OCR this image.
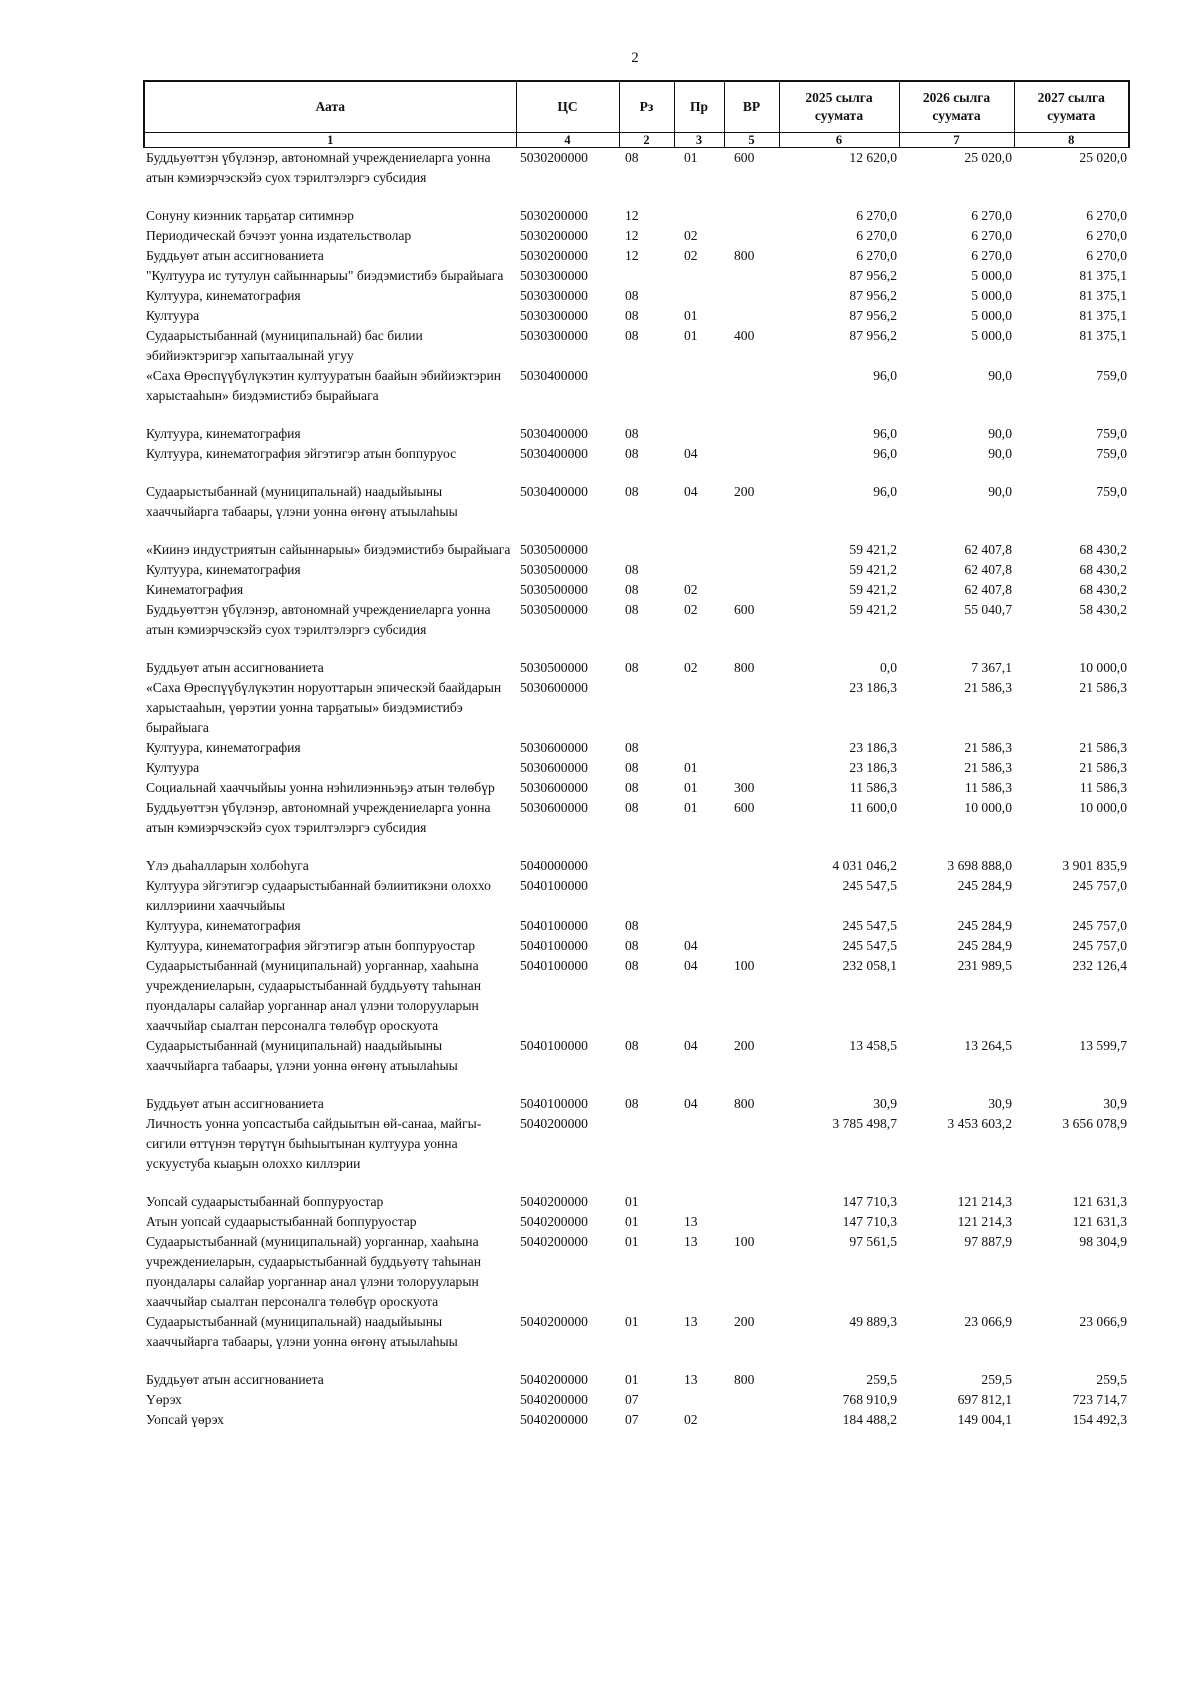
2
Аата	ЦС	Рз	Пр	ВР	2025 сылга суумата	2026 сылга суумата	2027 сылга суумата
1	4	2	3	5	6	7	8
Буддьуөттэн үбүлэнэр, автономнай учреждениеларга уонна атын кэмиэрчэскэйэ суох тэрилтэлэргэ субсидия	5030200000	08	01	600	12 620,0	25 020,0	25 020,0
Сонуну киэнник тарҕатар ситимнэр	5030200000	12			6 270,0	6 270,0	6 270,0
Периодическай бэчээт уонна издательстволар	5030200000	12	02		6 270,0	6 270,0	6 270,0
Буддьуөт атын ассигнованиета	5030200000	12	02	800	6 270,0	6 270,0	6 270,0
"Култуура ис тутулун сайыннарыы" биэдэмистибэ бырайыага	5030300000				87 956,2	5 000,0	81 375,1
Култуура, кинематография	5030300000	08			87 956,2	5 000,0	81 375,1
Култуура	5030300000	08	01		87 956,2	5 000,0	81 375,1
Судаарыстыбаннай (муниципальнай) бас билии эбийиэктэригэр хапытаалынай угуу	5030300000	08	01	400	87 956,2	5 000,0	81 375,1
«Саха Өрөспүүбүлүкэтин култууратын баайын эбийиэктэрин харыстааһын» биэдэмистибэ бырайыага	5030400000				96,0	90,0	759,0
Култуура, кинематография	5030400000	08			96,0	90,0	759,0
Култуура, кинематография эйгэтигэр атын боппуруос	5030400000	08	04		96,0	90,0	759,0
Судаарыстыбаннай (муниципальнай) наадыйыыны хааччыйарга табаары, үлэни уонна өҥөнү атыылаһыы	5030400000	08	04	200	96,0	90,0	759,0
«Киинэ индустриятын сайыннарыы» биэдэмистибэ бырайыага	5030500000				59 421,2	62 407,8	68 430,2
Култуура, кинематография	5030500000	08			59 421,2	62 407,8	68 430,2
Кинематография	5030500000	08	02		59 421,2	62 407,8	68 430,2
Буддьуөттэн үбүлэнэр, автономнай учреждениеларга уонна атын кэмиэрчэскэйэ суох тэрилтэлэргэ субсидия	5030500000	08	02	600	59 421,2	55 040,7	58 430,2
Буддьуөт атын ассигнованиета	5030500000	08	02	800	0,0	7 367,1	10 000,0
«Саха Өрөспүүбүлүкэтин норуоттарын эпическэй баайдарын харыстааһын, үөрэтии уонна тарҕатыы» биэдэмистибэ бырайыага	5030600000				23 186,3	21 586,3	21 586,3
Култуура, кинематография	5030600000	08			23 186,3	21 586,3	21 586,3
Култуура	5030600000	08	01		23 186,3	21 586,3	21 586,3
Социальнай хааччыйыы уонна нэһилиэнньэҕэ атын төлөбүр	5030600000	08	01	300	11 586,3	11 586,3	11 586,3
Буддьуөттэн үбүлэнэр, автономнай учреждениеларга уонна атын кэмиэрчэскэйэ суох тэрилтэлэргэ субсидия	5030600000	08	01	600	11 600,0	10 000,0	10 000,0
Үлэ дьаһалларын холбоһуга	5040000000				4 031 046,2	3 698 888,0	3 901 835,9
Култуура эйгэтигэр судаарыстыбаннай бэлиитикэни олоххо киллэриини хааччыйыы	5040100000				245 547,5	245 284,9	245 757,0
Култуура, кинематография	5040100000	08			245 547,5	245 284,9	245 757,0
Култуура, кинематография эйгэтигэр атын боппуруостар	5040100000	08	04		245 547,5	245 284,9	245 757,0
Судаарыстыбаннай (муниципальнай) уорганнар, хааһына учреждениеларын, судаарыстыбаннай буддьуөтү таһынан пуондалары салайар уорганнар анал үлэни толорууларын хааччыйар сыалтан персоналга төлөбүр ороскуота	5040100000	08	04	100	232 058,1	231 989,5	232 126,4
Судаарыстыбаннай (муниципальнай) наадыйыыны хааччыйарга табаары, үлэни уонна өҥөнү атыылаһыы	5040100000	08	04	200	13 458,5	13 264,5	13 599,7
Буддьуөт атын ассигнованиета	5040100000	08	04	800	30,9	30,9	30,9
Личность уонна уопсастыба сайдыытын өй-санаа, майгы-сигили өттүнэн төрүтүн быһыытынан култуура уонна ускуустуба кыаҕын олохxо киллэрии	5040200000				3 785 498,7	3 453 603,2	3 656 078,9
Уопсай судаарыстыбаннай боппуруостар	5040200000	01			147 710,3	121 214,3	121 631,3
Атын уопсай судаарыстыбаннай боппуруостар	5040200000	01	13		147 710,3	121 214,3	121 631,3
Судаарыстыбаннай (муниципальнай) уорганнар, хааһына учреждениеларын, судаарыстыбаннай буддьуөтү таһынан пуондалары салайар уорганнар анал үлэни толорууларын хааччыйар сыалтан персоналга төлөбүр ороскуота	5040200000	01	13	100	97 561,5	97 887,9	98 304,9
Судаарыстыбаннай (муниципальнай) наадыйыыны хааччыйарга табаары, үлэни уонна өҥөнү атыылаһыы	5040200000	01	13	200	49 889,3	23 066,9	23 066,9
Буддьуөт атын ассигнованиета	5040200000	01	13	800	259,5	259,5	259,5
Үөрэх	5040200000	07			768 910,9	697 812,1	723 714,7
Уопсай үөрэх	5040200000	07	02		184 488,2	149 004,1	154 492,3
